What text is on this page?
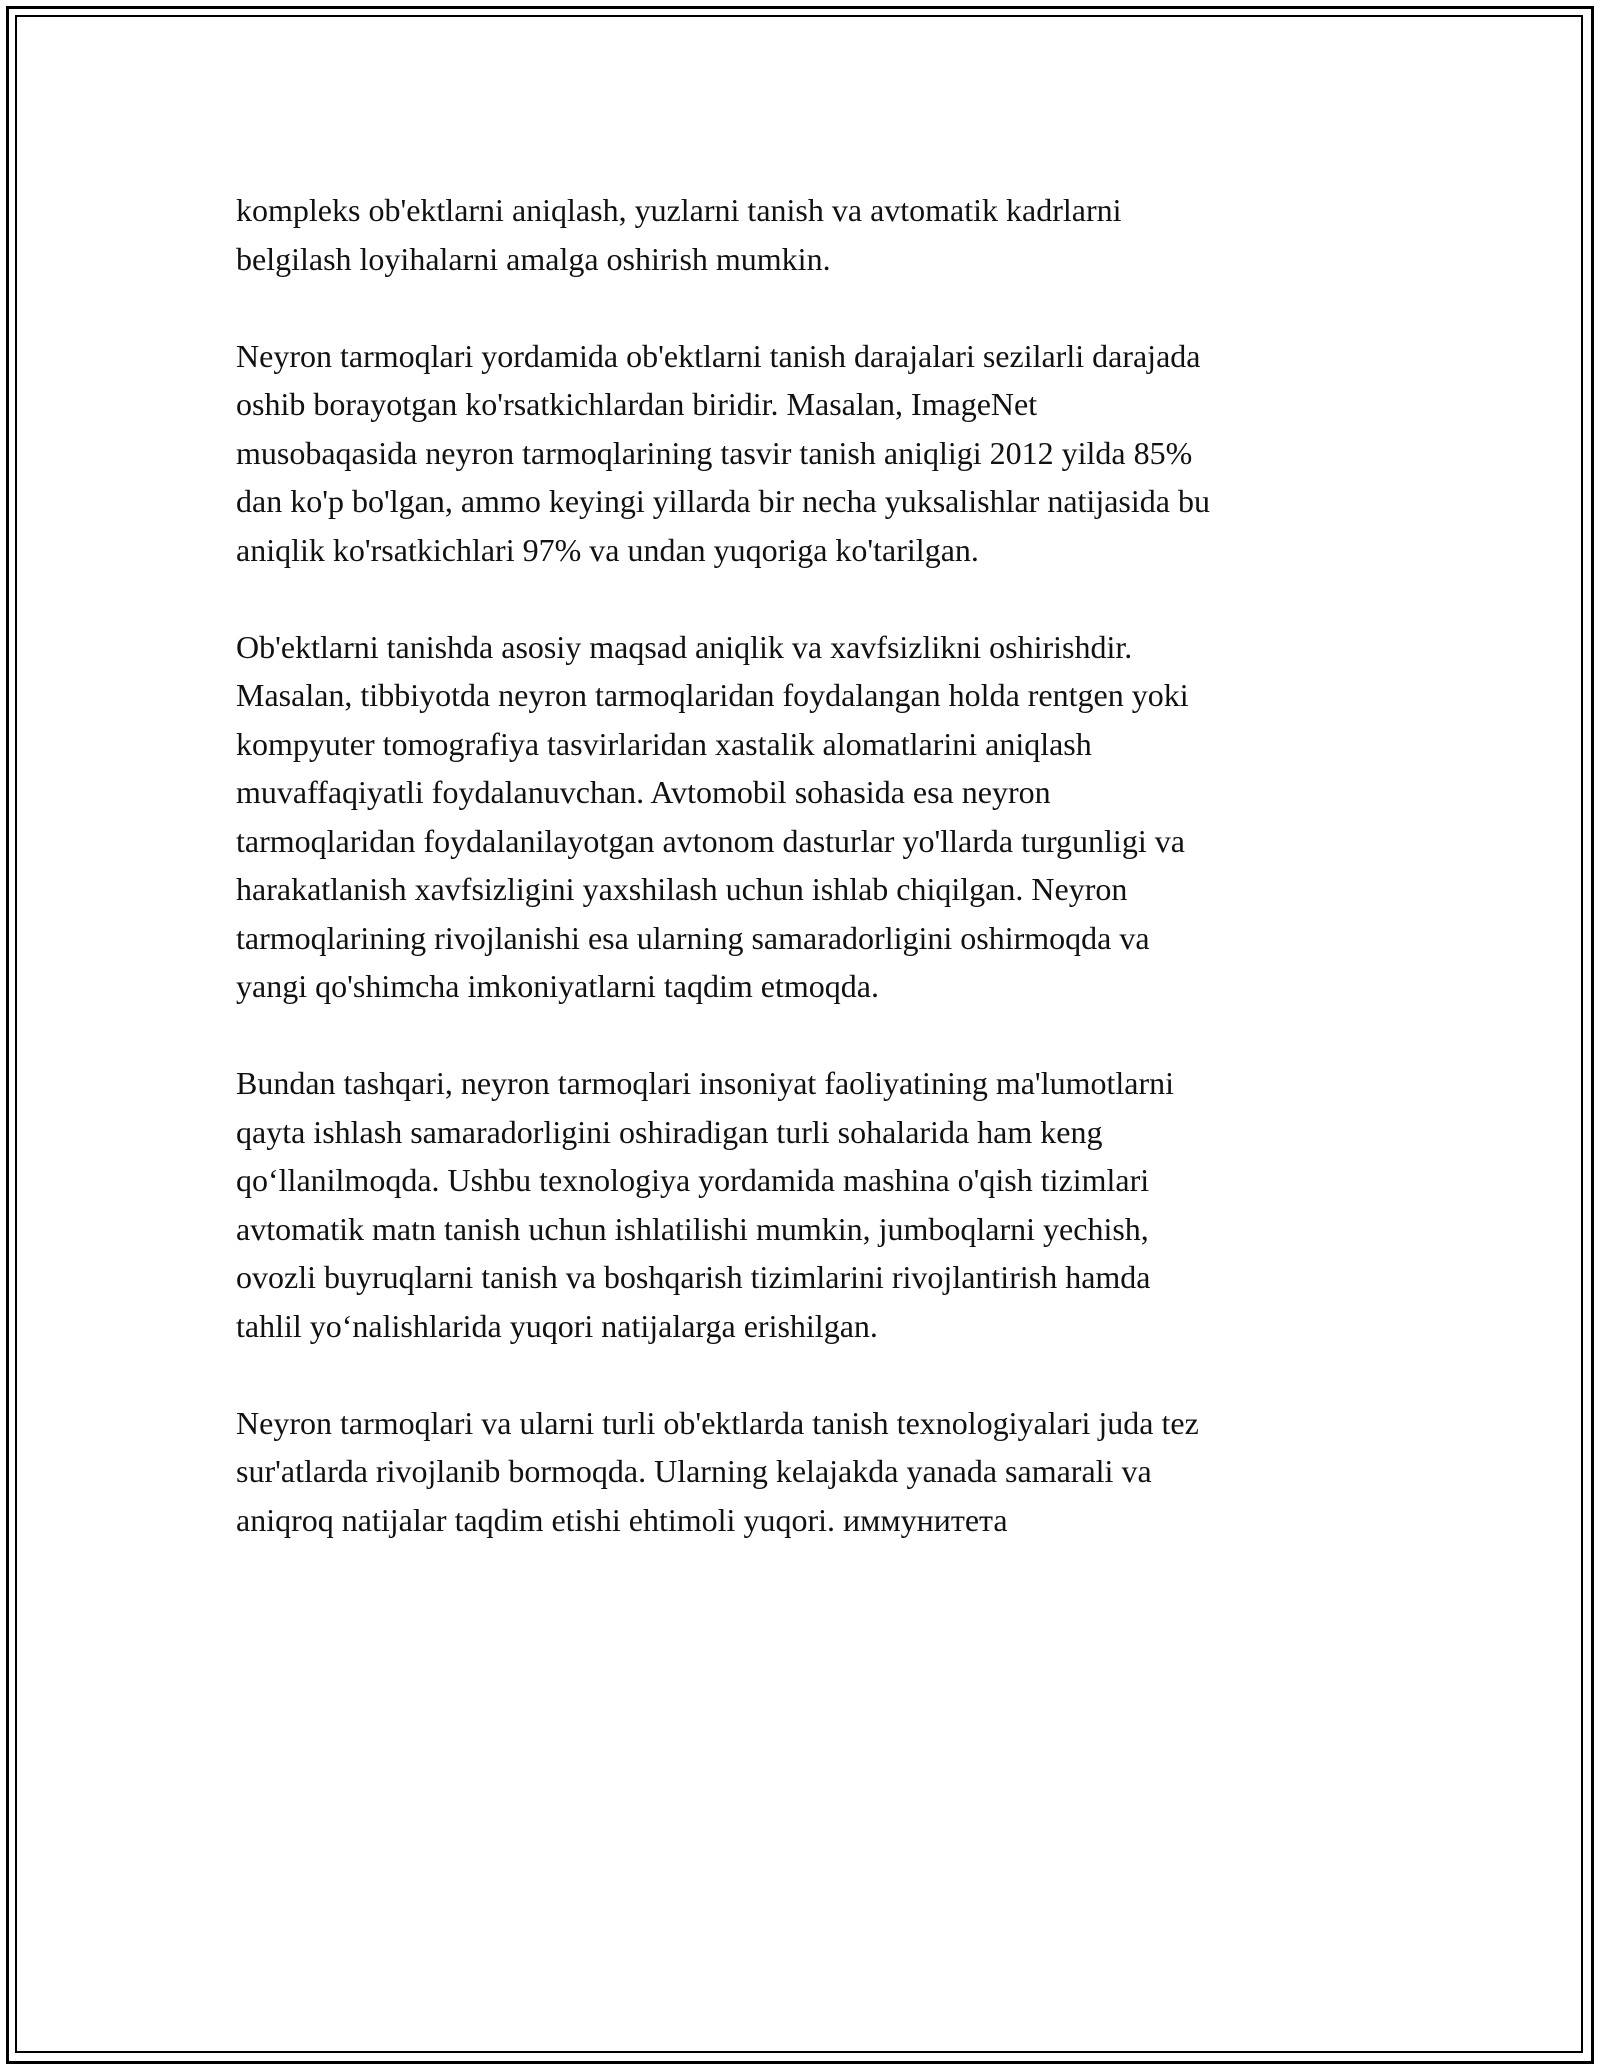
kompleks ob'ektlarni aniqlash, yuzlarni tanish va avtomatik kadrlarni
belgilash loyihalarni amalga oshirish mumkin.

Neyron tarmoqlari yordamida ob'ektlarni tanish darajalari sezilarli darajada
oshib borayotgan ko'rsatkichlardan biridir. Masalan, ImageNet
musobaqasida neyron tarmoqlarining tasvir tanish aniqligi 2012 yilda 85%
dan ko'p bo'lgan, ammo keyingi yillarda bir necha yuksalishlar natijasida bu
aniqlik ko'rsatkichlari 97% va undan yuqoriga ko'tarilgan.

Ob'ektlarni tanishda asosiy maqsad aniqlik va xavfsizlikni oshirishdir.
Masalan, tibbiyotda neyron tarmoqlaridan foydalangan holda rentgen yoki
kompyuter tomografiya tasvirlaridan xastalik alomatlarini aniqlash
muvaffaqiyatli foydalanuvchan. Avtomobil sohasida esa neyron
tarmoqlaridan foydalanilayotgan avtonom dasturlar yo'llarda turgunligi va
harakatlanish xavfsizligini yaxshilash uchun ishlab chiqilgan. Neyron
tarmoqlarining rivojlanishi esa ularning samaradorligini oshirmoqda va
yangi qo'shimcha imkoniyatlarni taqdim etmoqda.

Bundan tashqari, neyron tarmoqlari insoniyat faoliyatining ma'lumotlarni
qayta ishlash samaradorligini oshiradigan turli sohalarida ham keng
qo‘llanilmoqda. Ushbu texnologiya yordamida mashina o'qish tizimlari
avtomatik matn tanish uchun ishlatilishi mumkin, jumboqlarni yechish,
ovozli buyruqlarni tanish va boshqarish tizimlarini rivojlantirish hamda
tahlil yo‘nalishlarida yuqori natijalarga erishilgan.

Neyron tarmoqlari va ularni turli ob'ektlarda tanish texnologiyalari juda tez
sur'atlarda rivojlanib bormoqda. Ularning kelajakda yanada samarali va
aniqroq natijalar taqdim etishi ehtimoli yuqori. иммунитета
